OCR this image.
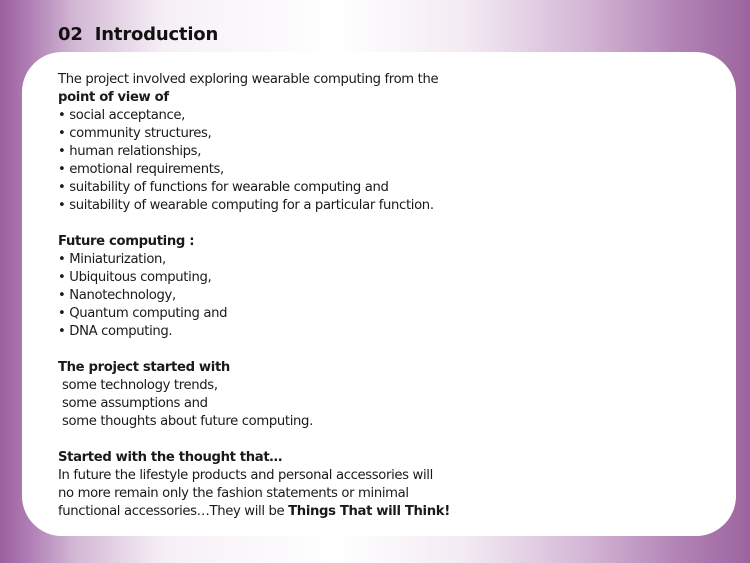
02 Introduction

The project involved exploring wearable computing from the

point of view of

• social acceptance,

• community structures,

• human relationships,

• emotional requirements,

• suitability of functions for wearable computing and

• suitability of wearable computing for a particular function.

Future computing :

• Miniaturization,

• Ubiquitous computing,

• Nanotechnology,

• Quantum computing and

• DNA computing.

The project started with

some technology trends,

some assumptions and

some thoughts about future computing.

Started with the thought that…

In future the lifestyle products and personal accessories will

no more remain only the fashion statements or minimal

functional accessories…They will be Things That will Think!
